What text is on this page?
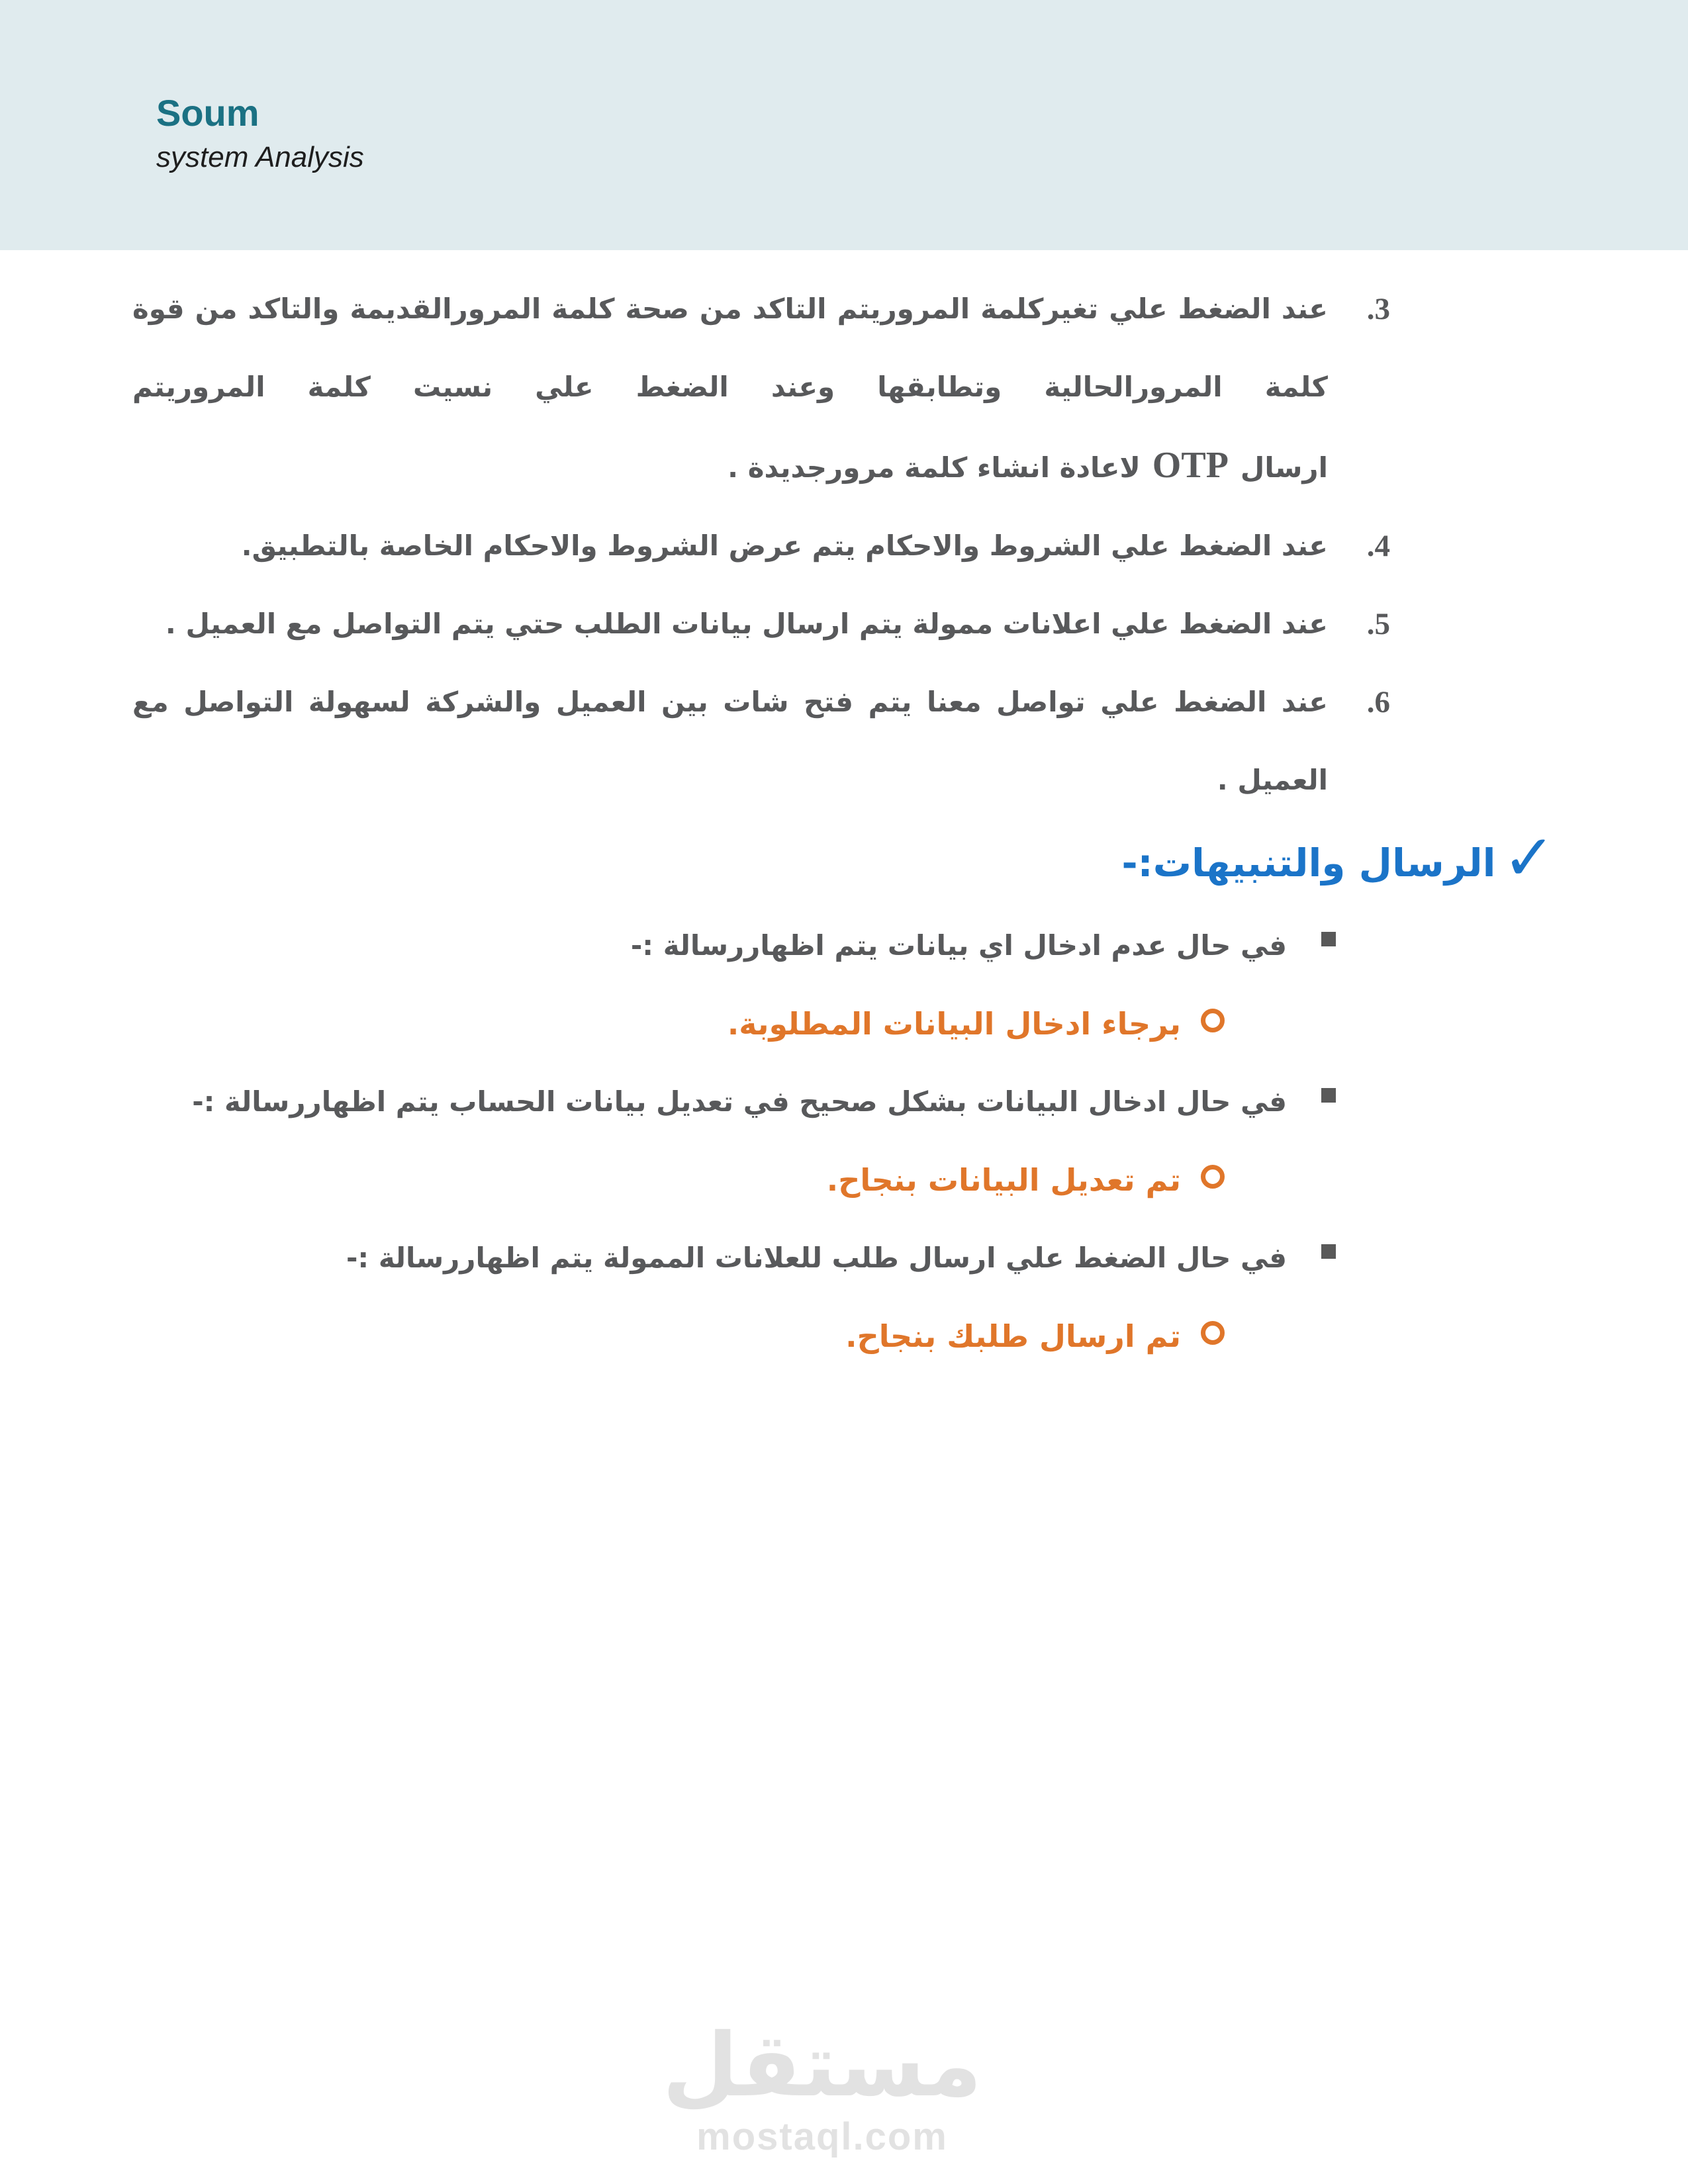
Soum
system Analysis
3.
عند الضغط علي تغيركلمة المروريتم التاكد من صحة كلمة المرورالقديمة والتاكد من قوة كلمة المرورالحالية وتطابقها وعند الضغط علي نسيت كلمة المروريتم ارسالOTPلاعادة انشاء كلمة مرورجديدة .
4.
عند الضغط علي الشروط والاحكام يتم عرض الشروط والاحكام الخاصة بالتطبيق.
5.
عند الضغط علي اعلانات ممولة يتم ارسال بيانات الطلب حتي يتم التواصل مع العميل .
6.
عند الضغط علي تواصل معنا يتم فتح شات بين العميل والشركة لسهولة التواصل مع العميل .
✓
الرسال والتنبيهات:-
في حال عدم ادخال اي بيانات يتم اظهاررسالة :-
برجاء ادخال البيانات المطلوبة.
في حال ادخال البيانات بشكل صحيح في تعديل بيانات الحساب يتم اظهاررسالة :-
تم تعديل البيانات بنجاح.
في حال الضغط علي ارسال طلب للعلانات الممولة يتم اظهاررسالة :-
تم ارسال طلبك بنجاح.
مستقل
mostaql.com
